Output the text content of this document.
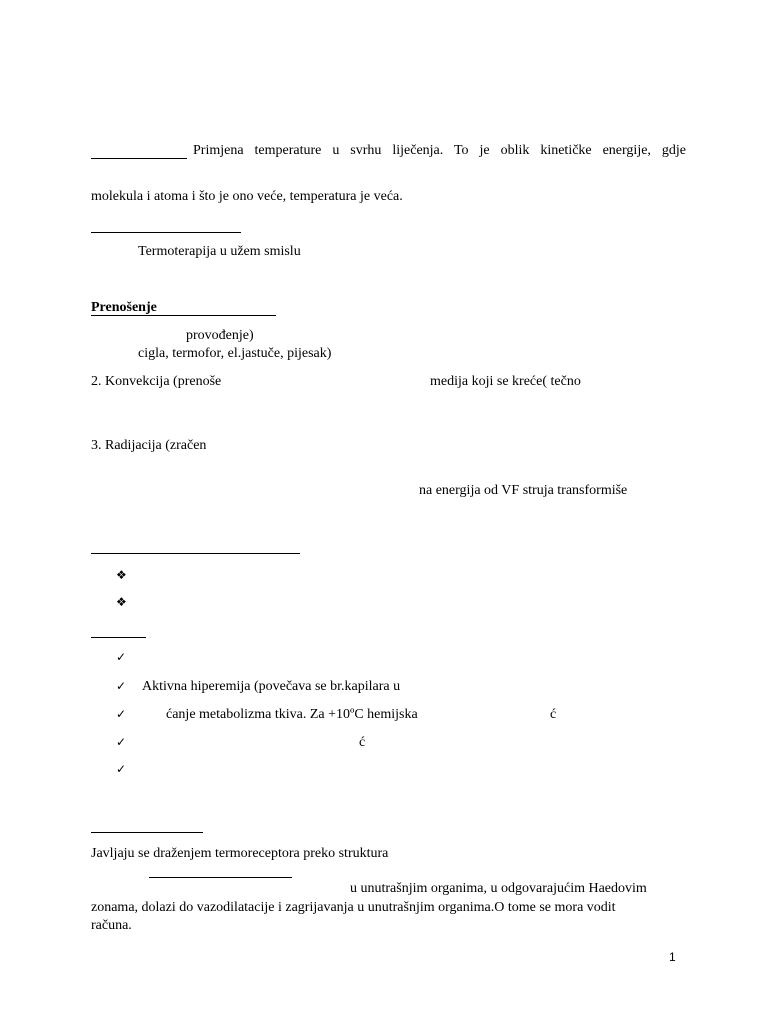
Primjena temperature u svrhu liječenja. To je oblik kinetičke energije, gdje
molekula i atoma i što je ono veće, temperatura je veća.
Termoterapija u užem smislu
Prenošenje
provođenje)
cigla, termofor, el.jastuče, pijesak)
2. Konvekcija (prenoše	medija koji se kreće( tečno
3. Radijacija (zračen
na energija od VF struja transformiše
❖
❖
✓
✓ Aktivna hiperemija (povečava se br.kapilara u
✓	ćanje metabolizma tkiva. Za +10ºC hemijska	ć
✓	ć
✓
Javljaju se draženjem termoreceptora preko struktura
u unutrašnjim organima, u odgovarajućim Haedovim
zonama, dolazi do vazodilatacije i zagrijavanja u unutrašnjim organima.O tome se mora vodit
računa.
1
